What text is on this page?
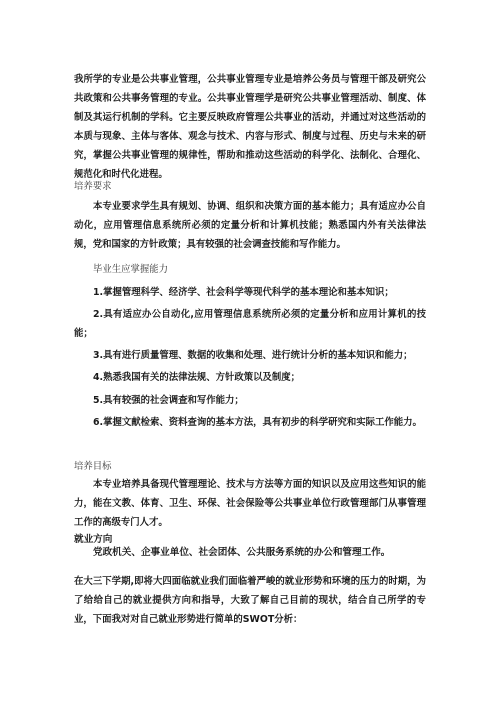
我所学的专业是公共事业管理，公共事业管理专业是培养公务员与管理干部及研究公共政策和公共事务管理的专业。公共事业管理学是研究公共事业管理活动、制度、体制及其运行机制的学科。它主要反映政府管理公共事业的活动，并通过对这些活动的本质与现象、主体与客体、观念与技术、内容与形式、制度与过程、历史与未来的研究，掌握公共事业管理的规律性，帮助和推动这些活动的科学化、法制化、合理化、规范化和时代化进程。

培养要求

本专业要求学生具有规划、协调、组织和决策方面的基本能力；具有适应办公自动化，应用管理信息系统所必须的定量分析和计算机技能；熟悉国内外有关法律法规，党和国家的方针政策；具有较强的社会调查技能和写作能力。

毕业生应掌握能力

1.掌握管理科学、经济学、社会科学等现代科学的基本理论和基本知识；

2.具有适应办公自动化,应用管理信息系统所必须的定量分析和应用计算机的技能；

3.具有进行质量管理、数据的收集和处理、进行统计分析的基本知识和能力；

4.熟悉我国有关的法律法规、方针政策以及制度；

5.具有较强的社会调查和写作能力；

6.掌握文献检索、资料查询的基本方法，具有初步的科学研究和实际工作能力。

培养目标

本专业培养具备现代管理理论、技术与方法等方面的知识以及应用这些知识的能力，能在文教、体育、卫生、环保、社会保险等公共事业单位行政管理部门从事管理工作的高级专门人才。

就业方向

党政机关、企事业单位、社会团体、公共服务系统的办公和管理工作。

在大三下学期,即将大四面临就业我们面临着严峻的就业形势和环境的压力的时期，为了给给自己的就业提供方向和指导，大致了解自己目前的现状，结合自己所学的专业，下面我对对自己就业形势进行简单的SWOT分析：
